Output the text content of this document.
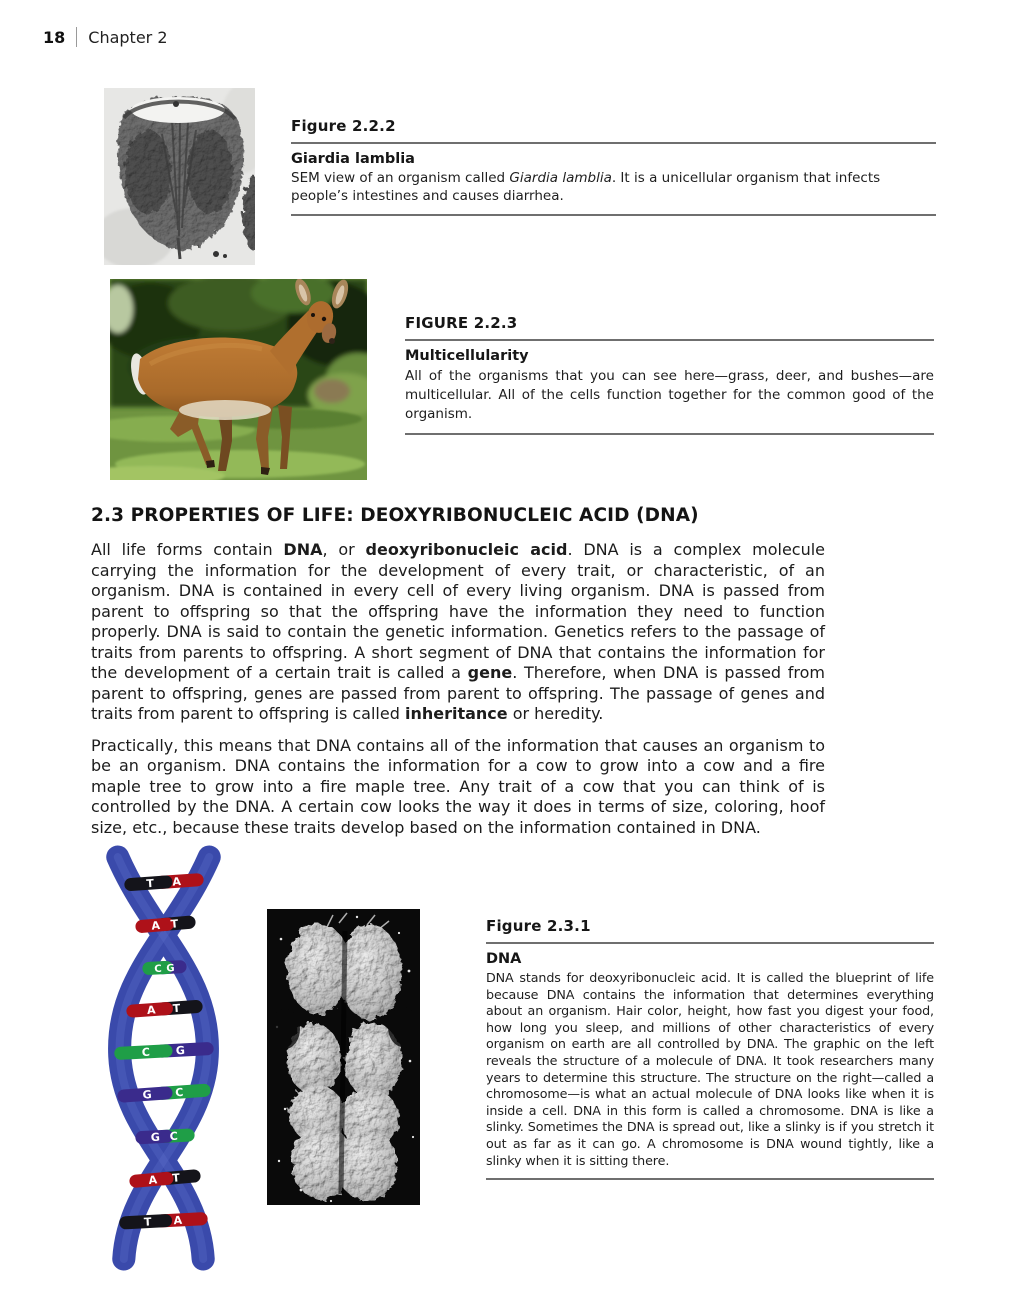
18 Chapter 2
Figure 2.2.2
Giardia lamblia
SEM view of an organism called Giardia lamblia. It is a unicellular organism that infects people’s intestines and causes diarrhea.
FIGURE 2.2.3
Multicellularity
All of the organisms that you can see here—grass, deer, and bushes—are multicellular. All of the cells function together for the common good of the organism.
2.3 PROPERTIES OF LIFE: DEOXYRIBONUCLEIC ACID (DNA)

All life forms contain DNA, or deoxyribonucleic acid. DNA is a complex molecule carrying the information for the development of every trait, or characteristic, of an organism. DNA is contained in every cell of every living organism. DNA is passed from parent to offspring so that the offspring have the information they need to function properly. DNA is said to contain the genetic information. Genetics refers to the passage of traits from parents to offspring. A short segment of DNA that contains the information for the development of a certain trait is called a gene. Therefore, when DNA is passed from parent to offspring, genes are passed from parent to offspring. The passage of genes and traits from parent to offspring is called inheritance or heredity.

Practically, this means that DNA contains all of the information that causes an organism to be an organism. DNA contains the information for a cow to grow into a cow and a fire maple tree to grow into a fire maple tree. Any trait of a cow that you can think of is controlled by the DNA. A certain cow looks the way it does in terms of size, coloring, hoof size, etc., because these traits develop based on the information contained in DNA.

T A
A T
C G
A T
C G
G C
G C
A T
T A
Figure 2.3.1
DNA
DNA stands for deoxyribonucleic acid. It is called the blueprint of life because DNA contains the information that determines everything about an organism. Hair color, height, how fast you digest your food, how long you sleep, and millions of other characteristics of every organism on earth are all controlled by DNA. The graphic on the left reveals the structure of a molecule of DNA. It took researchers many years to determine this structure. The structure on the right—called a chromosome—is what an actual molecule of DNA looks like when it is inside a cell. DNA in this form is called a chromosome. DNA is like a slinky. Sometimes the DNA is spread out, like a slinky is if you stretch it out as far as it can go. A chromosome is DNA wound tightly, like a slinky when it is sitting there.
